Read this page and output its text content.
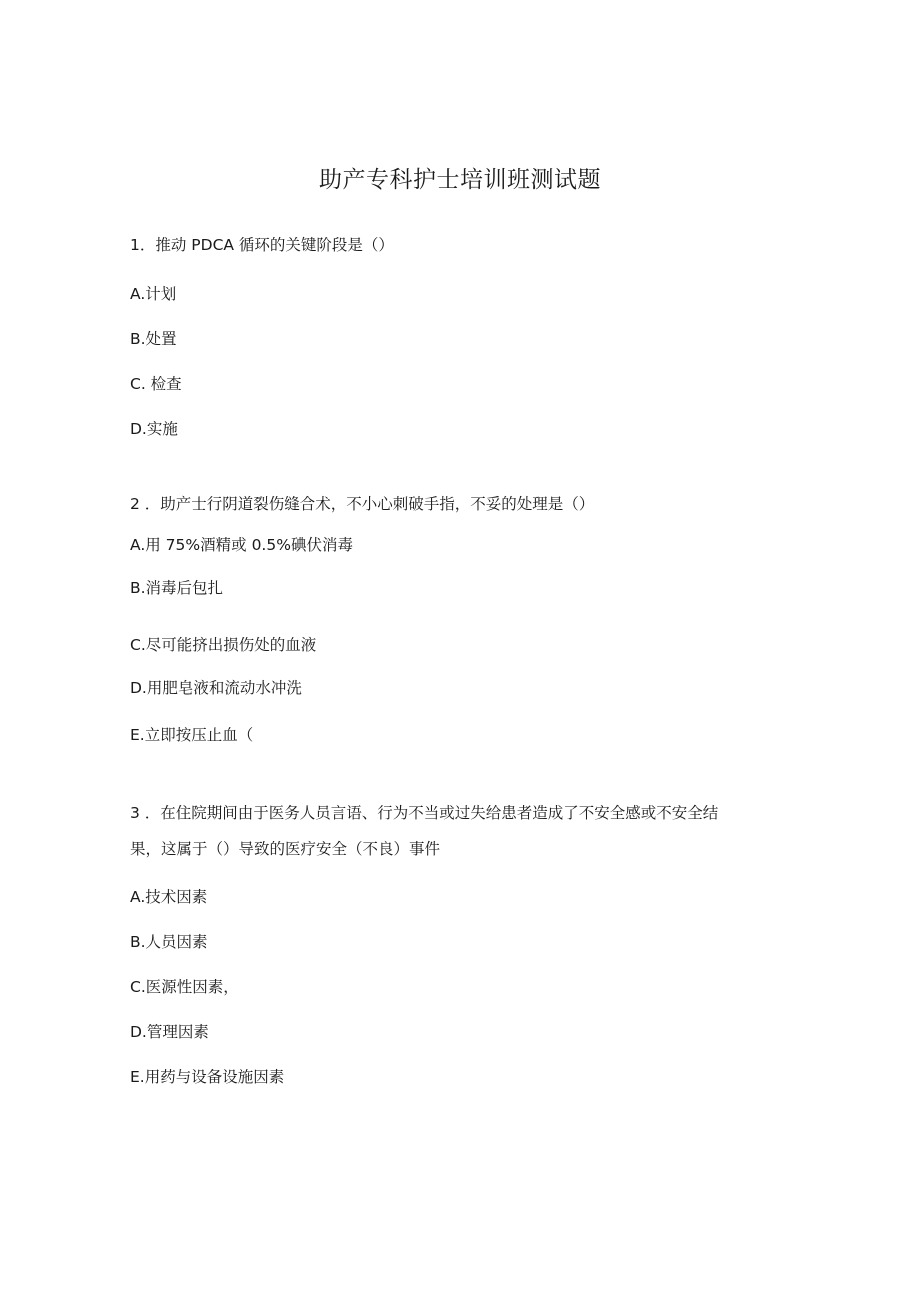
助产专科护士培训班测试题
1．推动 PDCA 循环的关键阶段是（）
A.计划
B.处置
C. 检查
D.实施
2 ．助产士行阴道裂伤缝合术，不小心刺破手指，不妥的处理是（）
A.用 75%酒精或 0.5%碘伏消毒
B.消毒后包扎
C.尽可能挤出损伤处的血液
D.用肥皂液和流动水冲洗
E.立即按压止血（
3 ．在住院期间由于医务人员言语、行为不当或过失给患者造成了不安全感或不安全结
果，这属于（）导致的医疗安全（不良）事件
A.技术因素
B.人员因素
C.医源性因素，
D.管理因素
E.用药与设备设施因素
